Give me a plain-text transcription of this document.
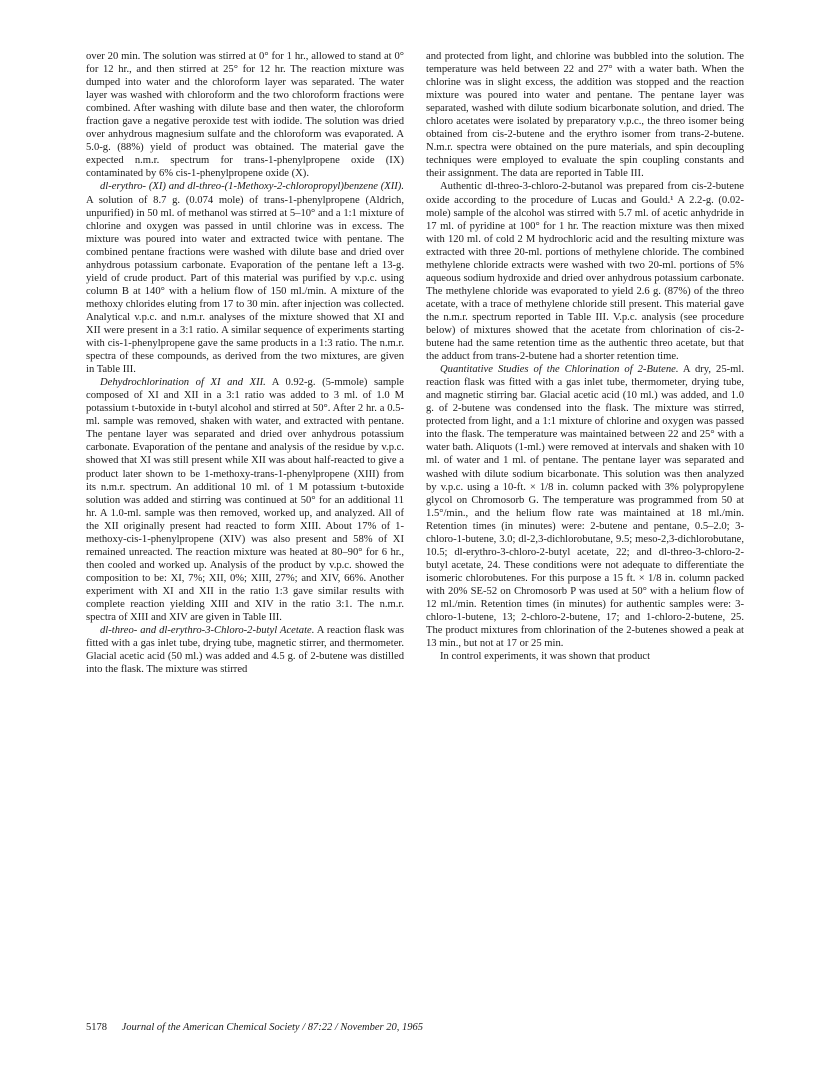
over 20 min. The solution was stirred at 0° for 1 hr., allowed to stand at 0° for 12 hr., and then stirred at 25° for 12 hr. The reaction mixture was dumped into water and the chloroform layer was separated. The water layer was washed with chloroform and the two chloroform fractions were combined. After washing with dilute base and then water, the chloroform fraction gave a negative peroxide test with iodide. The solution was dried over anhydrous magnesium sulfate and the chloroform was evaporated. A 5.0-g. (88%) yield of product was obtained. The material gave the expected n.m.r. spectrum for trans-1-phenylpropene oxide (IX) contaminated by 6% cis-1-phenylpropene oxide (X).

dl-erythro- (XI) and dl-threo-(1-Methoxy-2-chloropropyl)benzene (XII). A solution of 8.7 g. (0.074 mole) of trans-1-phenylpropene (Aldrich, unpurified) in 50 ml. of methanol was stirred at 5–10° and a 1:1 mixture of chlorine and oxygen was passed in until chlorine was in excess. The mixture was poured into water and extracted twice with pentane. The combined pentane fractions were washed with dilute base and dried over anhydrous potassium carbonate. Evaporation of the pentane left a 13-g. yield of crude product. Part of this material was purified by v.p.c. using column B at 140° with a helium flow of 150 ml./min. A mixture of the methoxy chlorides eluting from 17 to 30 min. after injection was collected. Analytical v.p.c. and n.m.r. analyses of the mixture showed that XI and XII were present in a 3:1 ratio. A similar sequence of experiments starting with cis-1-phenylpropene gave the same products in a 1:3 ratio. The n.m.r. spectra of these compounds, as derived from the two mixtures, are given in Table III.

Dehydrochlorination of XI and XII. A 0.92-g. (5-mmole) sample composed of XI and XII in a 3:1 ratio was added to 3 ml. of 1.0 M potassium t-butoxide in t-butyl alcohol and stirred at 50°. After 2 hr. a 0.5-ml. sample was removed, shaken with water, and extracted with pentane. The pentane layer was separated and dried over anhydrous potassium carbonate. Evaporation of the pentane and analysis of the residue by v.p.c. showed that XI was still present while XII was about half-reacted to give a product later shown to be 1-methoxy-trans-1-phenylpropene (XIII) from its n.m.r. spectrum. An additional 10 ml. of 1 M potassium t-butoxide solution was added and stirring was continued at 50° for an additional 11 hr. A 1.0-ml. sample was then removed, worked up, and analyzed. All of the XII originally present had reacted to form XIII. About 17% of 1-methoxy-cis-1-phenylpropene (XIV) was also present and 58% of XI remained unreacted. The reaction mixture was heated at 80–90° for 6 hr., then cooled and worked up. Analysis of the product by v.p.c. showed the composition to be: XI, 7%; XII, 0%; XIII, 27%; and XIV, 66%. Another experiment with XI and XII in the ratio 1:3 gave similar results with complete reaction yielding XIII and XIV in the ratio 3:1. The n.m.r. spectra of XIII and XIV are given in Table III.

dl-threo- and dl-erythro-3-Chloro-2-butyl Acetate. A reaction flask was fitted with a gas inlet tube, drying tube, magnetic stirrer, and thermometer. Glacial acetic acid (50 ml.) was added and 4.5 g. of 2-butene was distilled into the flask. The mixture was stirred

and protected from light, and chlorine was bubbled into the solution. The temperature was held between 22 and 27° with a water bath. When the chlorine was in slight excess, the addition was stopped and the reaction mixture was poured into water and pentane. The pentane layer was separated, washed with dilute sodium bicarbonate solution, and dried. The chloro acetates were isolated by preparatory v.p.c., the threo isomer being obtained from cis-2-butene and the erythro isomer from trans-2-butene. N.m.r. spectra were obtained on the pure materials, and spin decoupling techniques were employed to evaluate the spin coupling constants and their assignment. The data are reported in Table III.

Authentic dl-threo-3-chloro-2-butanol was prepared from cis-2-butene oxide according to the procedure of Lucas and Gould.¹ A 2.2-g. (0.02-mole) sample of the alcohol was stirred with 5.7 ml. of acetic anhydride in 17 ml. of pyridine at 100° for 1 hr. The reaction mixture was then mixed with 120 ml. of cold 2 M hydrochloric acid and the resulting mixture was extracted with three 20-ml. portions of methylene chloride. The combined methylene chloride extracts were washed with two 20-ml. portions of 5% aqueous sodium hydroxide and dried over anhydrous potassium carbonate. The methylene chloride was evaporated to yield 2.6 g. (87%) of the threo acetate, with a trace of methylene chloride still present. This material gave the n.m.r. spectrum reported in Table III. V.p.c. analysis (see procedure below) of mixtures showed that the acetate from chlorination of cis-2-butene had the same retention time as the authentic threo acetate, but that the adduct from trans-2-butene had a shorter retention time.

Quantitative Studies of the Chlorination of 2-Butene. A dry, 25-ml. reaction flask was fitted with a gas inlet tube, thermometer, drying tube, and magnetic stirring bar. Glacial acetic acid (10 ml.) was added, and 1.0 g. of 2-butene was condensed into the flask. The mixture was stirred, protected from light, and a 1:1 mixture of chlorine and oxygen was passed into the flask. The temperature was maintained between 22 and 25° with a water bath. Aliquots (1-ml.) were removed at intervals and shaken with 10 ml. of water and 1 ml. of pentane. The pentane layer was separated and washed with dilute sodium bicarbonate. This solution was then analyzed by v.p.c. using a 10-ft. × 1/8 in. column packed with 3% polypropylene glycol on Chromosorb G. The temperature was programmed from 50 at 1.5°/min., and the helium flow rate was maintained at 18 ml./min. Retention times (in minutes) were: 2-butene and pentane, 0.5–2.0; 3-chloro-1-butene, 3.0; dl-2,3-dichlorobutane, 9.5; meso-2,3-dichlorobutane, 10.5; dl-erythro-3-chloro-2-butyl acetate, 22; and dl-threo-3-chloro-2-butyl acetate, 24. These conditions were not adequate to differentiate the isomeric chlorobutenes. For this purpose a 15 ft. × 1/8 in. column packed with 20% SE-52 on Chromosorb P was used at 50° with a helium flow of 12 ml./min. Retention times (in minutes) for authentic samples were: 3-chloro-1-butene, 13; 2-chloro-2-butene, 17; and 1-chloro-2-butene, 25. The product mixtures from chlorination of the 2-butenes showed a peak at 13 min., but not at 17 or 25 min.

In control experiments, it was shown that product

5178 Journal of the American Chemical Society / 87:22 / November 20, 1965
